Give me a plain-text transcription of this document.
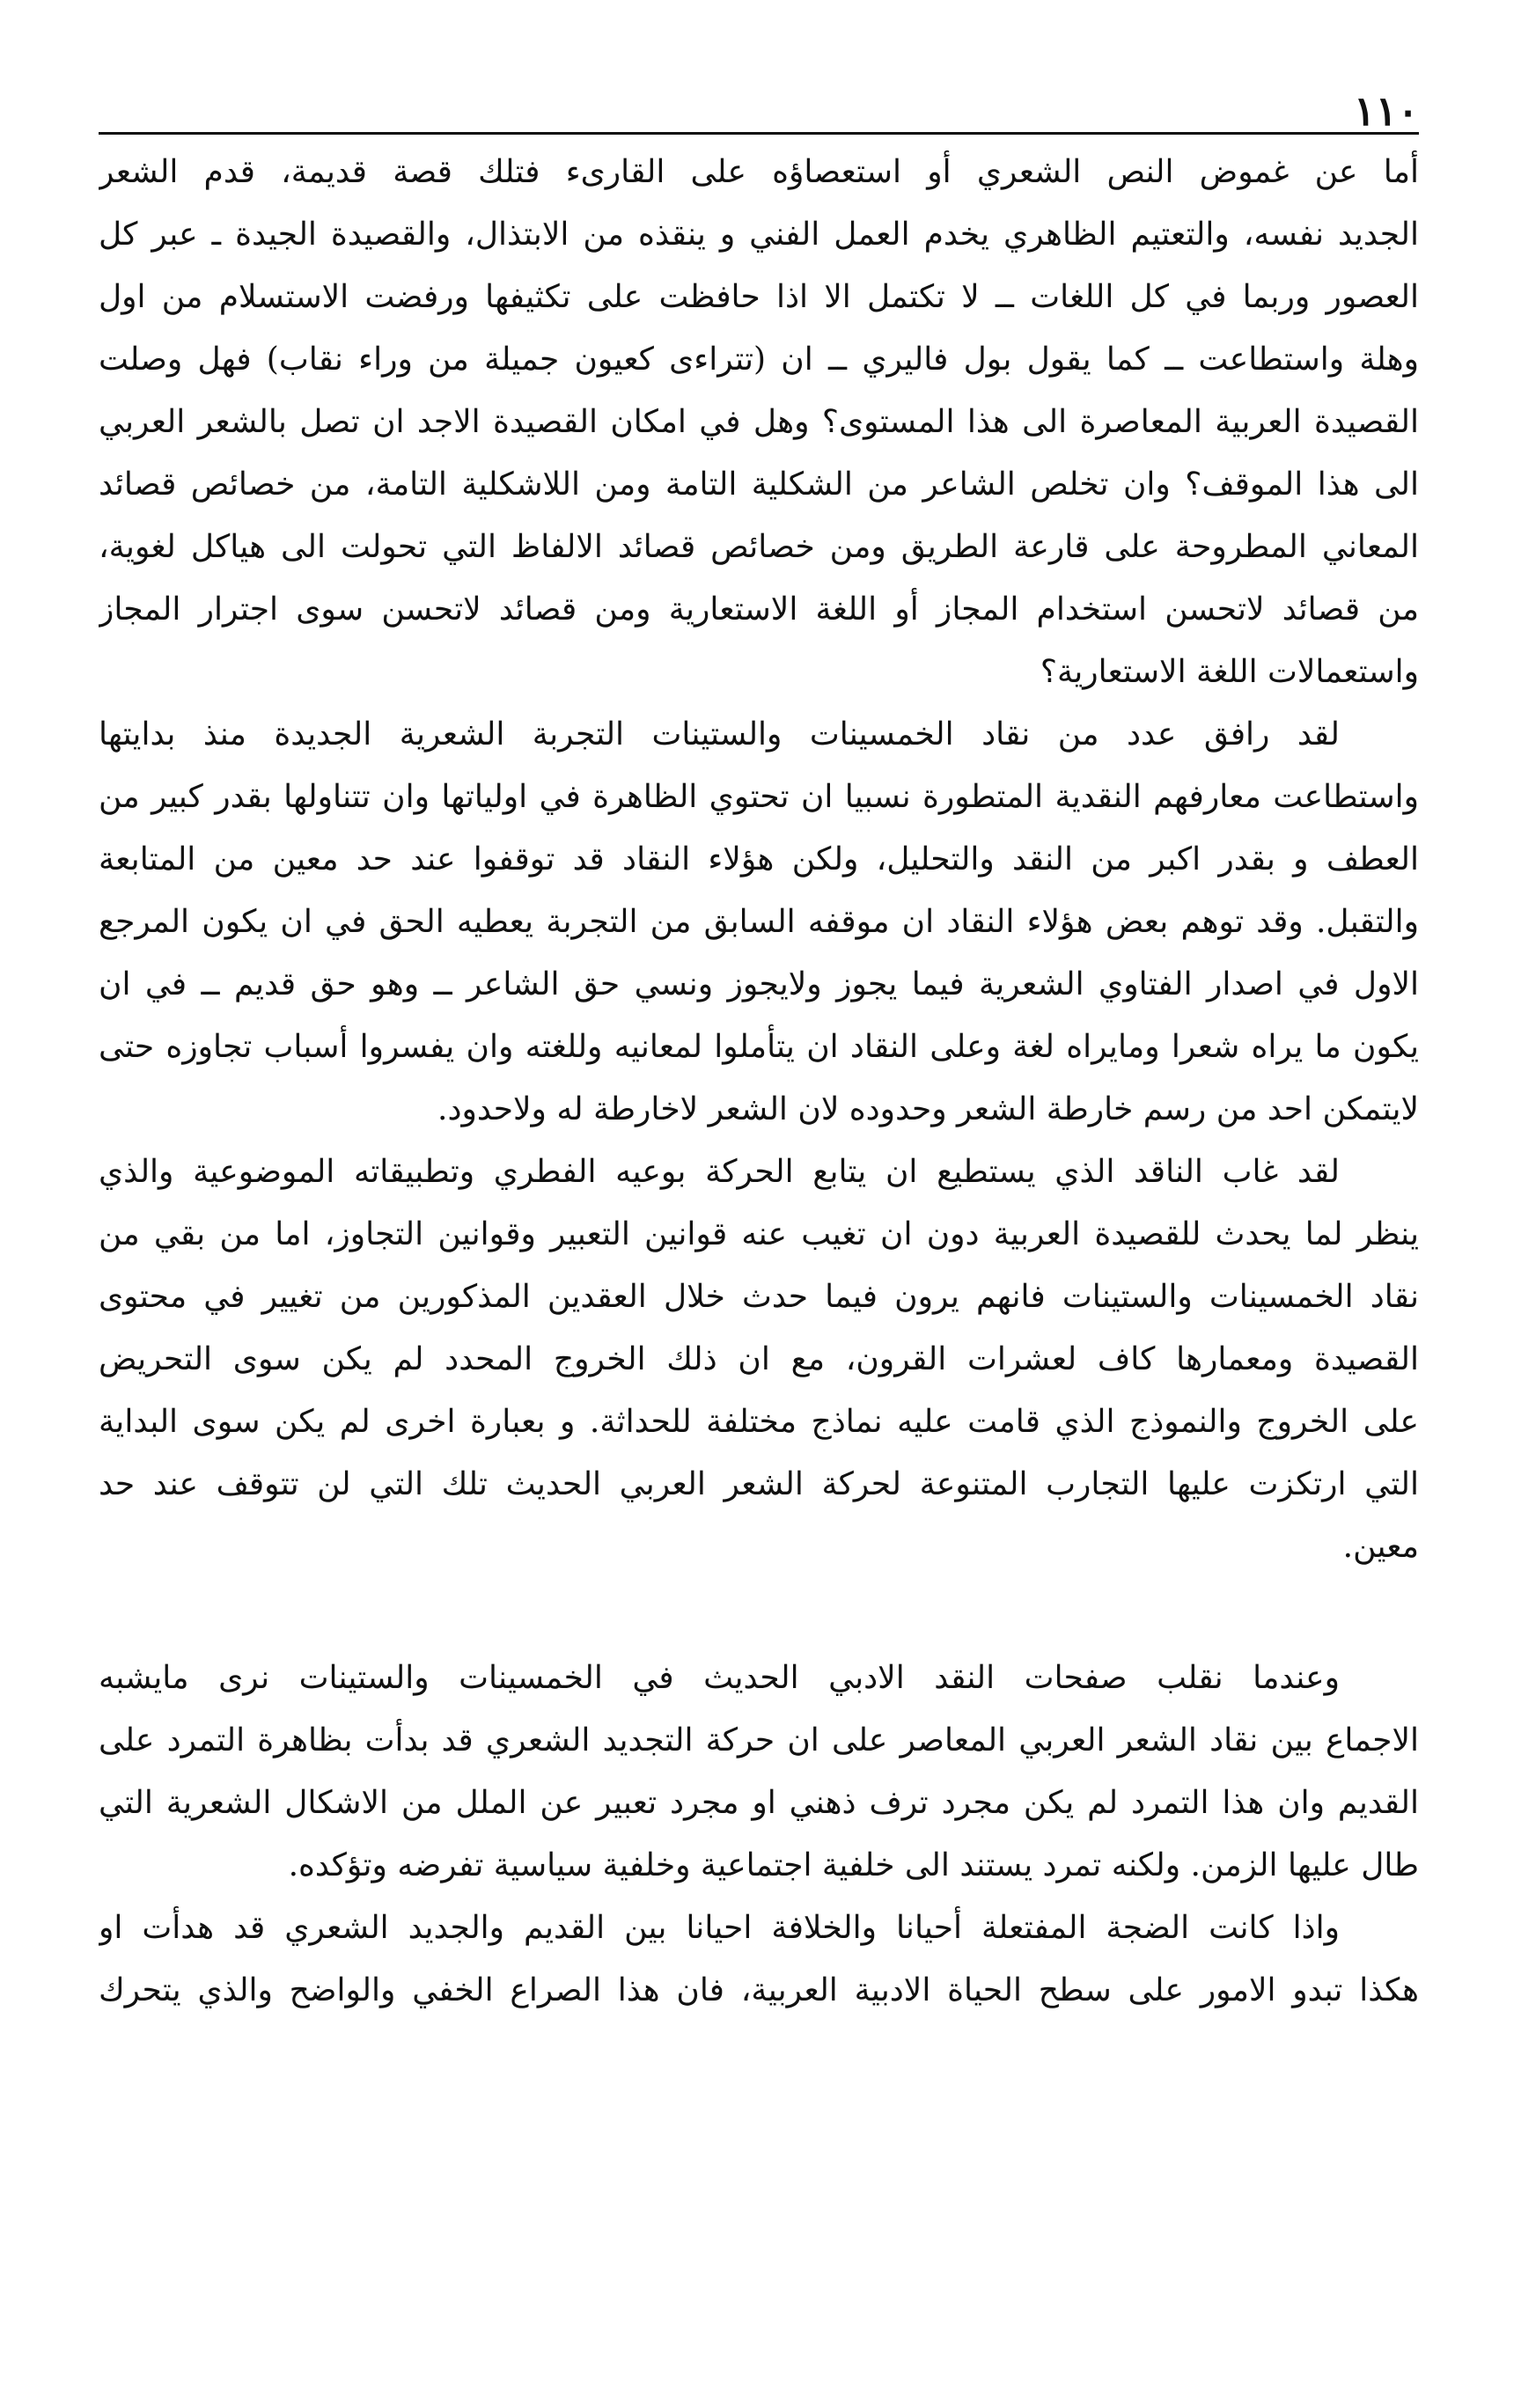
١١٠

أما عن غموض النص الشعري أو استعصاؤه على القارىء فتلك قصة قديمة، قدم الشعر
الجديد نفسه، والتعتيم الظاهري يخدم العمل الفني و ينقذه من الابتذال، والقصيدة الجيدة ـ عبر كل
العصور وربما في كل اللغات ــ لا تكتمل الا اذا حافظت على تكثيفها ورفضت الاستسلام من اول
وهلة واستطاعت ــ كما يقول بول فاليري ــ ان (تتراءى كعيون جميلة من وراء نقاب) فهل وصلت
القصيدة العربية المعاصرة الى هذا المستوى؟ وهل في امكان القصيدة الاجد ان تصل بالشعر العربي
الى هذا الموقف؟ وان تخلص الشاعر من الشكلية التامة ومن اللاشكلية التامة، من خصائص قصائد
المعاني المطروحة على قارعة الطريق ومن خصائص قصائد الالفاظ التي تحولت الى هياكل لغوية،
من قصائد لاتحسن استخدام المجاز أو اللغة الاستعارية ومن قصائد لاتحسن سوى اجترار المجاز
واستعمالات اللغة الاستعارية؟

لقد رافق عدد من نقاد الخمسينات والستينات التجربة الشعرية الجديدة منذ بدايتها
واستطاعت معارفهم النقدية المتطورة نسبيا ان تحتوي الظاهرة في اولياتها وان تتناولها بقدر كبير من
العطف و بقدر اكبر من النقد والتحليل، ولكن هؤلاء النقاد قد توقفوا عند حد معين من المتابعة
والتقبل. وقد توهم بعض هؤلاء النقاد ان موقفه السابق من التجربة يعطيه الحق في ان يكون المرجع
الاول في اصدار الفتاوي الشعرية فيما يجوز ولايجوز ونسي حق الشاعر ــ وهو حق قديم ــ في ان
يكون ما يراه شعرا ومايراه لغة وعلى النقاد ان يتأملوا لمعانيه وللغته وان يفسروا أسباب تجاوزه حتى
لايتمكن احد من رسم خارطة الشعر وحدوده لان الشعر لاخارطة له ولاحدود.

لقد غاب الناقد الذي يستطيع ان يتابع الحركة بوعيه الفطري وتطبيقاته الموضوعية والذي
ينظر لما يحدث للقصيدة العربية دون ان تغيب عنه قوانين التعبير وقوانين التجاوز، اما من بقي من
نقاد الخمسينات والستينات فانهم يرون فيما حدث خلال العقدين المذكورين من تغيير في محتوى
القصيدة ومعمارها كاف لعشرات القرون، مع ان ذلك الخروج المحدد لم يكن سوى التحريض
على الخروج والنموذج الذي قامت عليه نماذج مختلفة للحداثة. و بعبارة اخرى لم يكن سوى البداية
التي ارتكزت عليها التجارب المتنوعة لحركة الشعر العربي الحديث تلك التي لن تتوقف عند حد
معين.

وعندما نقلب صفحات النقد الادبي الحديث في الخمسينات والستينات نرى مايشبه
الاجماع بين نقاد الشعر العربي المعاصر على ان حركة التجديد الشعري قد بدأت بظاهرة التمرد على
القديم وان هذا التمرد لم يكن مجرد ترف ذهني او مجرد تعبير عن الملل من الاشكال الشعرية التي
طال عليها الزمن. ولكنه تمرد يستند الى خلفية اجتماعية وخلفية سياسية تفرضه وتؤكده.

واذا كانت الضجة المفتعلة أحيانا والخلافة احيانا بين القديم والجديد الشعري قد هدأت او
هكذا تبدو الامور على سطح الحياة الادبية العربية، فان هذا الصراع الخفي والواضح والذي يتحرك
